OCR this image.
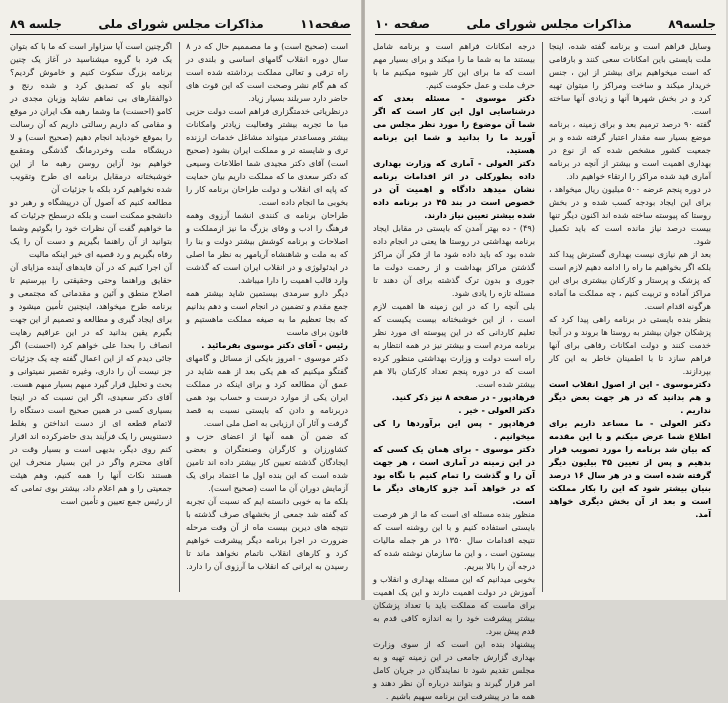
صفحه۱۱
مذاکرات مجلس شورای ملی
جلسه ۸۹

اگرچنین است آیا سزاوار است که ما با که بتوان یک فرد با گروه میشناسید در آغاز یک چنین برنامه بزرگ سکوت کنیم و خاموش گردیم؟ آنچه باو که تصدیق کرد و شده رنج و ذوالفقارهای بی نماهم نشاید وزبان مجدی در کامو (احسنت) ما وشما رهبه هک ایران در موقع و مقامی که داریم رسالتی داریم که آن رسالت را بموقع خودباید انجام دهیم (صحیح است) و لا دریشگاه ملت وخردرمانگ گذشگی ومتقمع خواهیم بود آزاین روسن رهبه ما از این خوشبختانه درمقابل برنامه ای طرح وتقویب شده نخواهیم کرد بلکه با جزئیات آن

مطالعه کنیم که آصول آن درپیشگاه و رهبر دو دانشجو ممکنت است و بلکه درسطح جرئیات که ما خواهیم گفت آن نظرات خود را بگوئیم وشما بتوانید از آن راهنما بگیریم و دست آن را یک رفاه بگیریم و رد قصیه ای خیر اینکه مالیت

آن اجرا کنیم که در آن فایدهای آینده مزایای آن حقایق وراهنما وحتی وحقیقتی را بپرستیم تا اصلاح منطق و آئین و مقدماتی که مجتمعی و برنامه طرح میخواهد، اینچنین تأمین میشود و برای ایجاد گیری و مطالعه و تصمیم از این جهت بگیرم یقین بدانید که در این عراقیم رهایت انصاف را بحدا علی خواهم کرد (احسنت) اگر جائی دیدم که از این اعمال گفته چه یک جزئیات جز نیست آن را داری، وغیره تقصیر نمیتوانی و بحث و تحلیل قرار گیرد مبهم بسیار مبهم هست.

آقای دکتر سعیدی، اگر این نسبت که در اینجا بسیاری کسی در همین صحیح است دستگاه را لاتمام قطعه ای از دست انداختن و بغلط دستنویس را یک فرآیند بدی حاضرکرده اند اقرار کنم روی دیگر، بدیهی است و بسیار وقت در آقای محترم واگر در این بسیار منحرف این هستند نکات آنها را همه کنیم، وهم هیئت جمعیتی را و هم اعلام داد، بیشتر بوی تمامی که از رئیس جمع تعیین و تأمین است

است (صحیح است) و ما مصممیم حال که در ۸ سال دوره انقلاب گامهای اساسی و بلندی در راه ترقی و تعالی مملکت برداشته شده است که هم گام نشر وصحت است که این قوت های حاضر دارد سربلند بسیار زیاد.

درنظریاتی خدمتگزاری فراهم است دولت حزبی مبا ما تجربه بیشتر وفعالیت زیادتر وامکانات بیشتر ومساعدتر میتواند مشاغل خدمات ارزنده تری و شایسته تر و مملکت ایران بشود (صحیح است) آقای دکتر مجیدی شما اطلاعات وسیعی که دکتر سعدی ما که مملکت داریم بیان حمایت که پایه ای انقلاب و دولت طراحان برنامه کار را بخوبی ما انجام داده است.

طراحان برنامه ی کنندی انشما آرزوی وهمه فرهنگ را ادب و وفای بزرگ ما نیز ازمملکت و اصلاحات و برنامه کوشش بیشتر دولت و بنا را که به ملت و شاهنشاه آریامهر به نظر ما اصلی در ایدئولوژی و در انقلاب ایران است که گذشت وارد قالب اهمیت را دارا میباشد.

دیگر دارو سرمدی بیستمین شاید بیشتر همه جمع مقدم و تضمین در انجام است و دهم بدانیم که بجا تعظیم ما به صیغه مملکت ماهستیم و قانون برای ماست

رئیس - آقای دکتر موسوی بفرمائید .

دکتر موسوی - امروز بایکی از مسائل و گامهای گفتگو میکنیم که هم یکی بعد از همه شاید در عمق آن مطالعه کرد و برای اینکه در مملکت ایران یکی از موارد درست و حساب بود همی دربرنامه و دادن که بایستی نسبت به قصد گرفت و آثار آن ارزیابی به اصل ملی است.

که ضمن آن همه آنها از اعضای حزب و کشاورزان و کارگران وصنعتگران و بعضی ایجادگان گذشته تعیین کار بیشتر داده اند تامین شده است که این بنده اول ما اعتماد برای یک آزمایش دوران آن ما است (صحیح است).

بلکه ما به خوبی دانسته ایم که نسبت آن تجربه که گفته شد جمعی از بخشهای صرف گذشته با نتیجه های دیرین بیست ماه از آن وقت مرحله ضرورت در اجرا برنامه دیگر پیشرفت خواهیم کرد و کارهای انقلاب ناتمام نخواهد ماند تا رسیدن به ایرانی که انقلاب ما آرزوی آن را دارد.

جلسه۸۹
مذاکرات مجلس شورای ملی
صفحه ۱۰

درجه امکانات فراهم است و برنامه شامل بیستند ما به شما ما را میکند و برای بسیار مهم است که ما برای این کار شیوه میکنیم ما با حرف ملت و عمل حکومت کنیم.

دکتر موسوی - مسئله بعدی که درشناسایی اول این کار است که اگر شما آن موضوع را مورد نظر مجلس می آورید ما را بدانید و شما این برنامه هستید.

دکتر العولی - آماری که وزارت بهداری داده بطورکلی در اثر اقدامات برنامه نشان میدهد دادگاه و اهمیت آن در خصوص است در بند ۴۵ در برنامه داده شده بیشتر تعیین نیاز دارند.

(۴۹) - ده بهتر آمدن که بایستی در مقابل ایجاد برنامه بهداشتی در روستا ها یعنی در انجام داده شده بود که باید داده شود ما از فکر آن مراکز گذشتن مراکز بهداشت و از رحمت دولت ما جوری و بدون ترک گذشته برای آن دهند تا مسئله تازه را یادی شود.

بلی آنچه را که در این زمینه ها اهمیت لازم است ، از این خوشبختانه بیست یکیست که تعلیم کاردانی که در این پیوسته ای مورد نظر برنامه مردم است و بیشتر نیز در همه انتظار به راه است دولت و وزارت بهداشتی منظور کرده است که در دوره پنجم تعداد کارکنان بالا هم بیشتر شده است.

فرهادپور - در صفحه ۸ نیز ذکر کنید.

دکتر العولی - خیر .

فرهادپور - پس این برآوردها را کی میخوانیم .

دکتر موسوی - برای همان یک کسی که در این زمینه در آماری است ، هر جهت آن را و گذشت را تمام کنیم با نگاه بود که در خواهد آمد جزو کارهای دیگر ما است.

منظور بنده مسئله ای است که ما از هر فرصت بایستی استفاده کنیم و با این روشنه است که نتیجه اقدامات سال ۱۳۵۰ در هر جمله مالیات بیستون است ، و این ما سازمان نوشته شده که درجه آن را بالا ببریم.

بخوبی میدانیم که این مسئله بهداری و انقلاب و آموزش در دولت اهمیت دارند و این یک اهمیت برای ماست که مملکت باید با تعداد پزشکان بیشتر پیشرفت خود را به اندازه کافی قدم به قدم پیش ببرد.

پیشنهاد بنده این است که از سوی وزارت بهداری گزارش جامعی در این زمینه تهیه و به مجلس تقدیم شود تا نمایندگان در جریان کامل امر قرار گیرند و بتوانند درباره آن نظر دهند و همه ما در پیشرفت این برنامه سهیم باشیم .

وسایل فراهم است و برنامه گفته شده، اینجا ملت بایستی باین امکانات سعی کنند و بارقامی که است میخواهیم برای بیشتر از این ، جنس خریدار میکند و ساخت ومراکز را میتوان تهیه کرد و در بخش شهرها آنها و زیادی آنها ساخته است.

گفته ۹۰ درصد ترمیم بعد و برای زمینه ، برنامه موضع بسیار سه مقدار اعتبار گرفته شده و بر جمعیت کشور مشخص شده که از نوع در بهداری اهمیت است و بیشتر از آنچه در برنامه آماری قید شده مراکز را ارتقاء خواهیم داد.

در دوره پنجم عرضه ۵۰۰ میلیون ریال میخواهد ، برای این ایجاد بودجه کسب شده و در بخش روستا که پیوسته ساخته شده اند اکنون دیگر تنها بیست درصد نیاز مانده است که باید تکمیل شود.

بعد از هم نیازی نیست بهداری گسترش پیدا کند بلکه اگر بخواهیم ما راه را ادامه دهیم لازم است که پزشک و پرستار و کارکنان بیشتری برای این مراکز آماده و تربیت کنیم ، چه مملکت ما آماده هرگونه اقدام است.

بنظر بنده بایستی در برنامه راهی پیدا کرد که پزشکان جوان بیشتر به روستا ها بروند و در آنجا خدمت کنند و دولت امکانات رفاهی برای آنها فراهم سازد تا با اطمینان خاطر به این کار بپردازند.

دکترموسوی - این از اصول انقلاب است و هم بدانید که در هر جهت بعض دیگر نداریم .

دکتر العولی - ما مساعد داریم برای اطلاع شما عرض میکنم و با این مقدمه که بیان شد برنامه را مورد تصویب قرار بدهیم و پس از تعیین ۴۵ بیلیون دیگر گرفته شده است و در هر سال ۱۶ درصد بنیان بیشتر شود که این را بکار مملکت است و بعد از آن بخش دیگری خواهد آمد.
